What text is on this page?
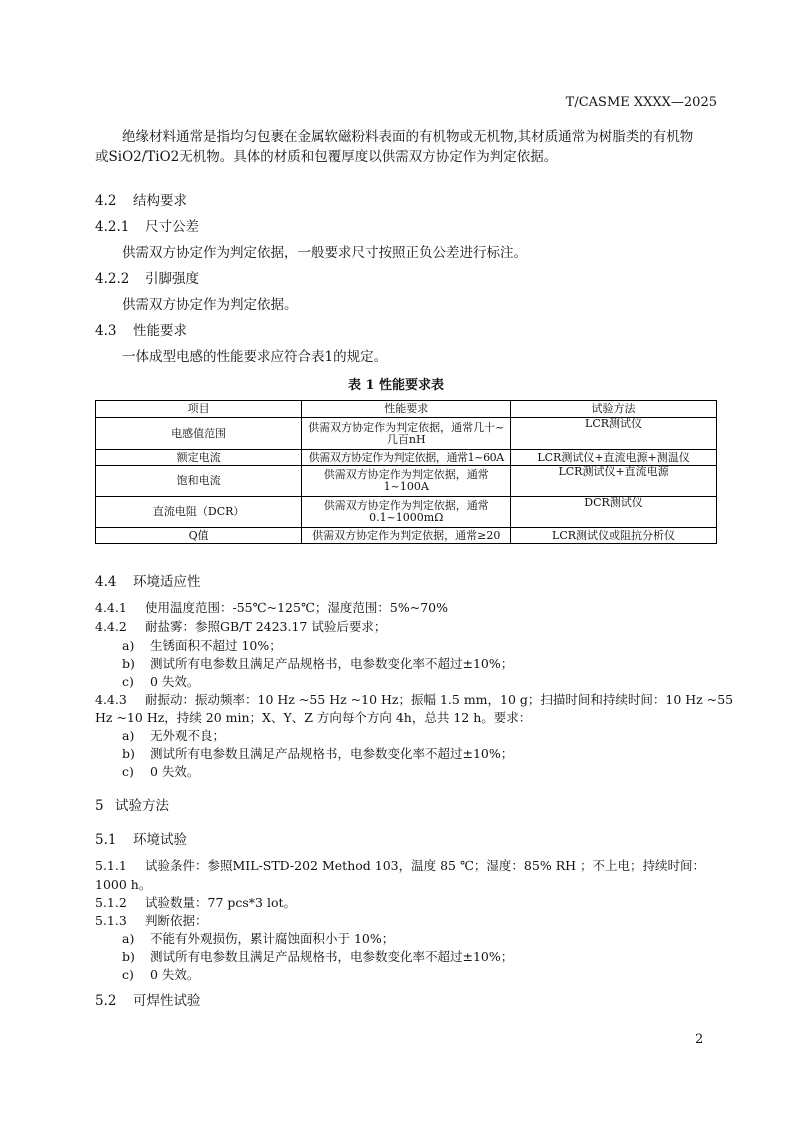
T/CASME XXXX—2025
绝缘材料通常是指均匀包裹在金属软磁粉料表面的有机物或无机物,其材质通常为树脂类的有机物
或SiO2/TiO2无机物。具体的材质和包覆厚度以供需双方协定作为判定依据。
4.2 结构要求
4.2.1 尺寸公差
供需双方协定作为判定依据，一般要求尺寸按照正负公差进行标注。
4.2.2 引脚强度
供需双方协定作为判定依据。
4.3 性能要求
一体成型电感的性能要求应符合表1的规定。
表 1 性能要求表
项目	性能要求	试验方法
电感值范围	供需双方协定作为判定依据，通常几十~几百nH	LCR测试仪
额定电流	供需双方协定作为判定依据，通常1~60A	LCR测试仪+直流电源+测温仪
饱和电流	供需双方协定作为判定依据，通常1~100A	LCR测试仪+直流电源
直流电阻（DCR）	供需双方协定作为判定依据，通常0.1~1000mΩ	DCR测试仪
Q值	供需双方协定作为判定依据，通常≥20	LCR测试仪或阻抗分析仪
4.4 环境适应性
4.4.1 使用温度范围：-55℃~125℃；湿度范围：5%~70%
4.4.2 耐盐雾：参照GB/T 2423.17 试验后要求；
a) 生锈面积不超过 10%；
b) 测试所有电参数且满足产品规格书，电参数变化率不超过±10%；
c) 0 失效。
4.4.3 耐振动：振动频率：10 Hz ~55 Hz ~10 Hz；振幅 1.5 mm，10 g；扫描时间和持续时间：10 Hz ~55
Hz ~10 Hz，持续 20 min；X、Y、Z 方向每个方向 4h，总共 12 h。要求：
a) 无外观不良；
b) 测试所有电参数且满足产品规格书，电参数变化率不超过±10%；
c) 0 失效。
5 试验方法
5.1 环境试验
5.1.1 试验条件：参照MIL-STD-202 Method 103，温度 85 ℃；湿度：85% RH ；不上电；持续时间：
1000 h。
5.1.2 试验数量：77 pcs*3 lot。
5.1.3 判断依据：
a) 不能有外观损伤，累计腐蚀面积小于 10%；
b) 测试所有电参数且满足产品规格书，电参数变化率不超过±10%；
c) 0 失效。
5.2 可焊性试验
2
